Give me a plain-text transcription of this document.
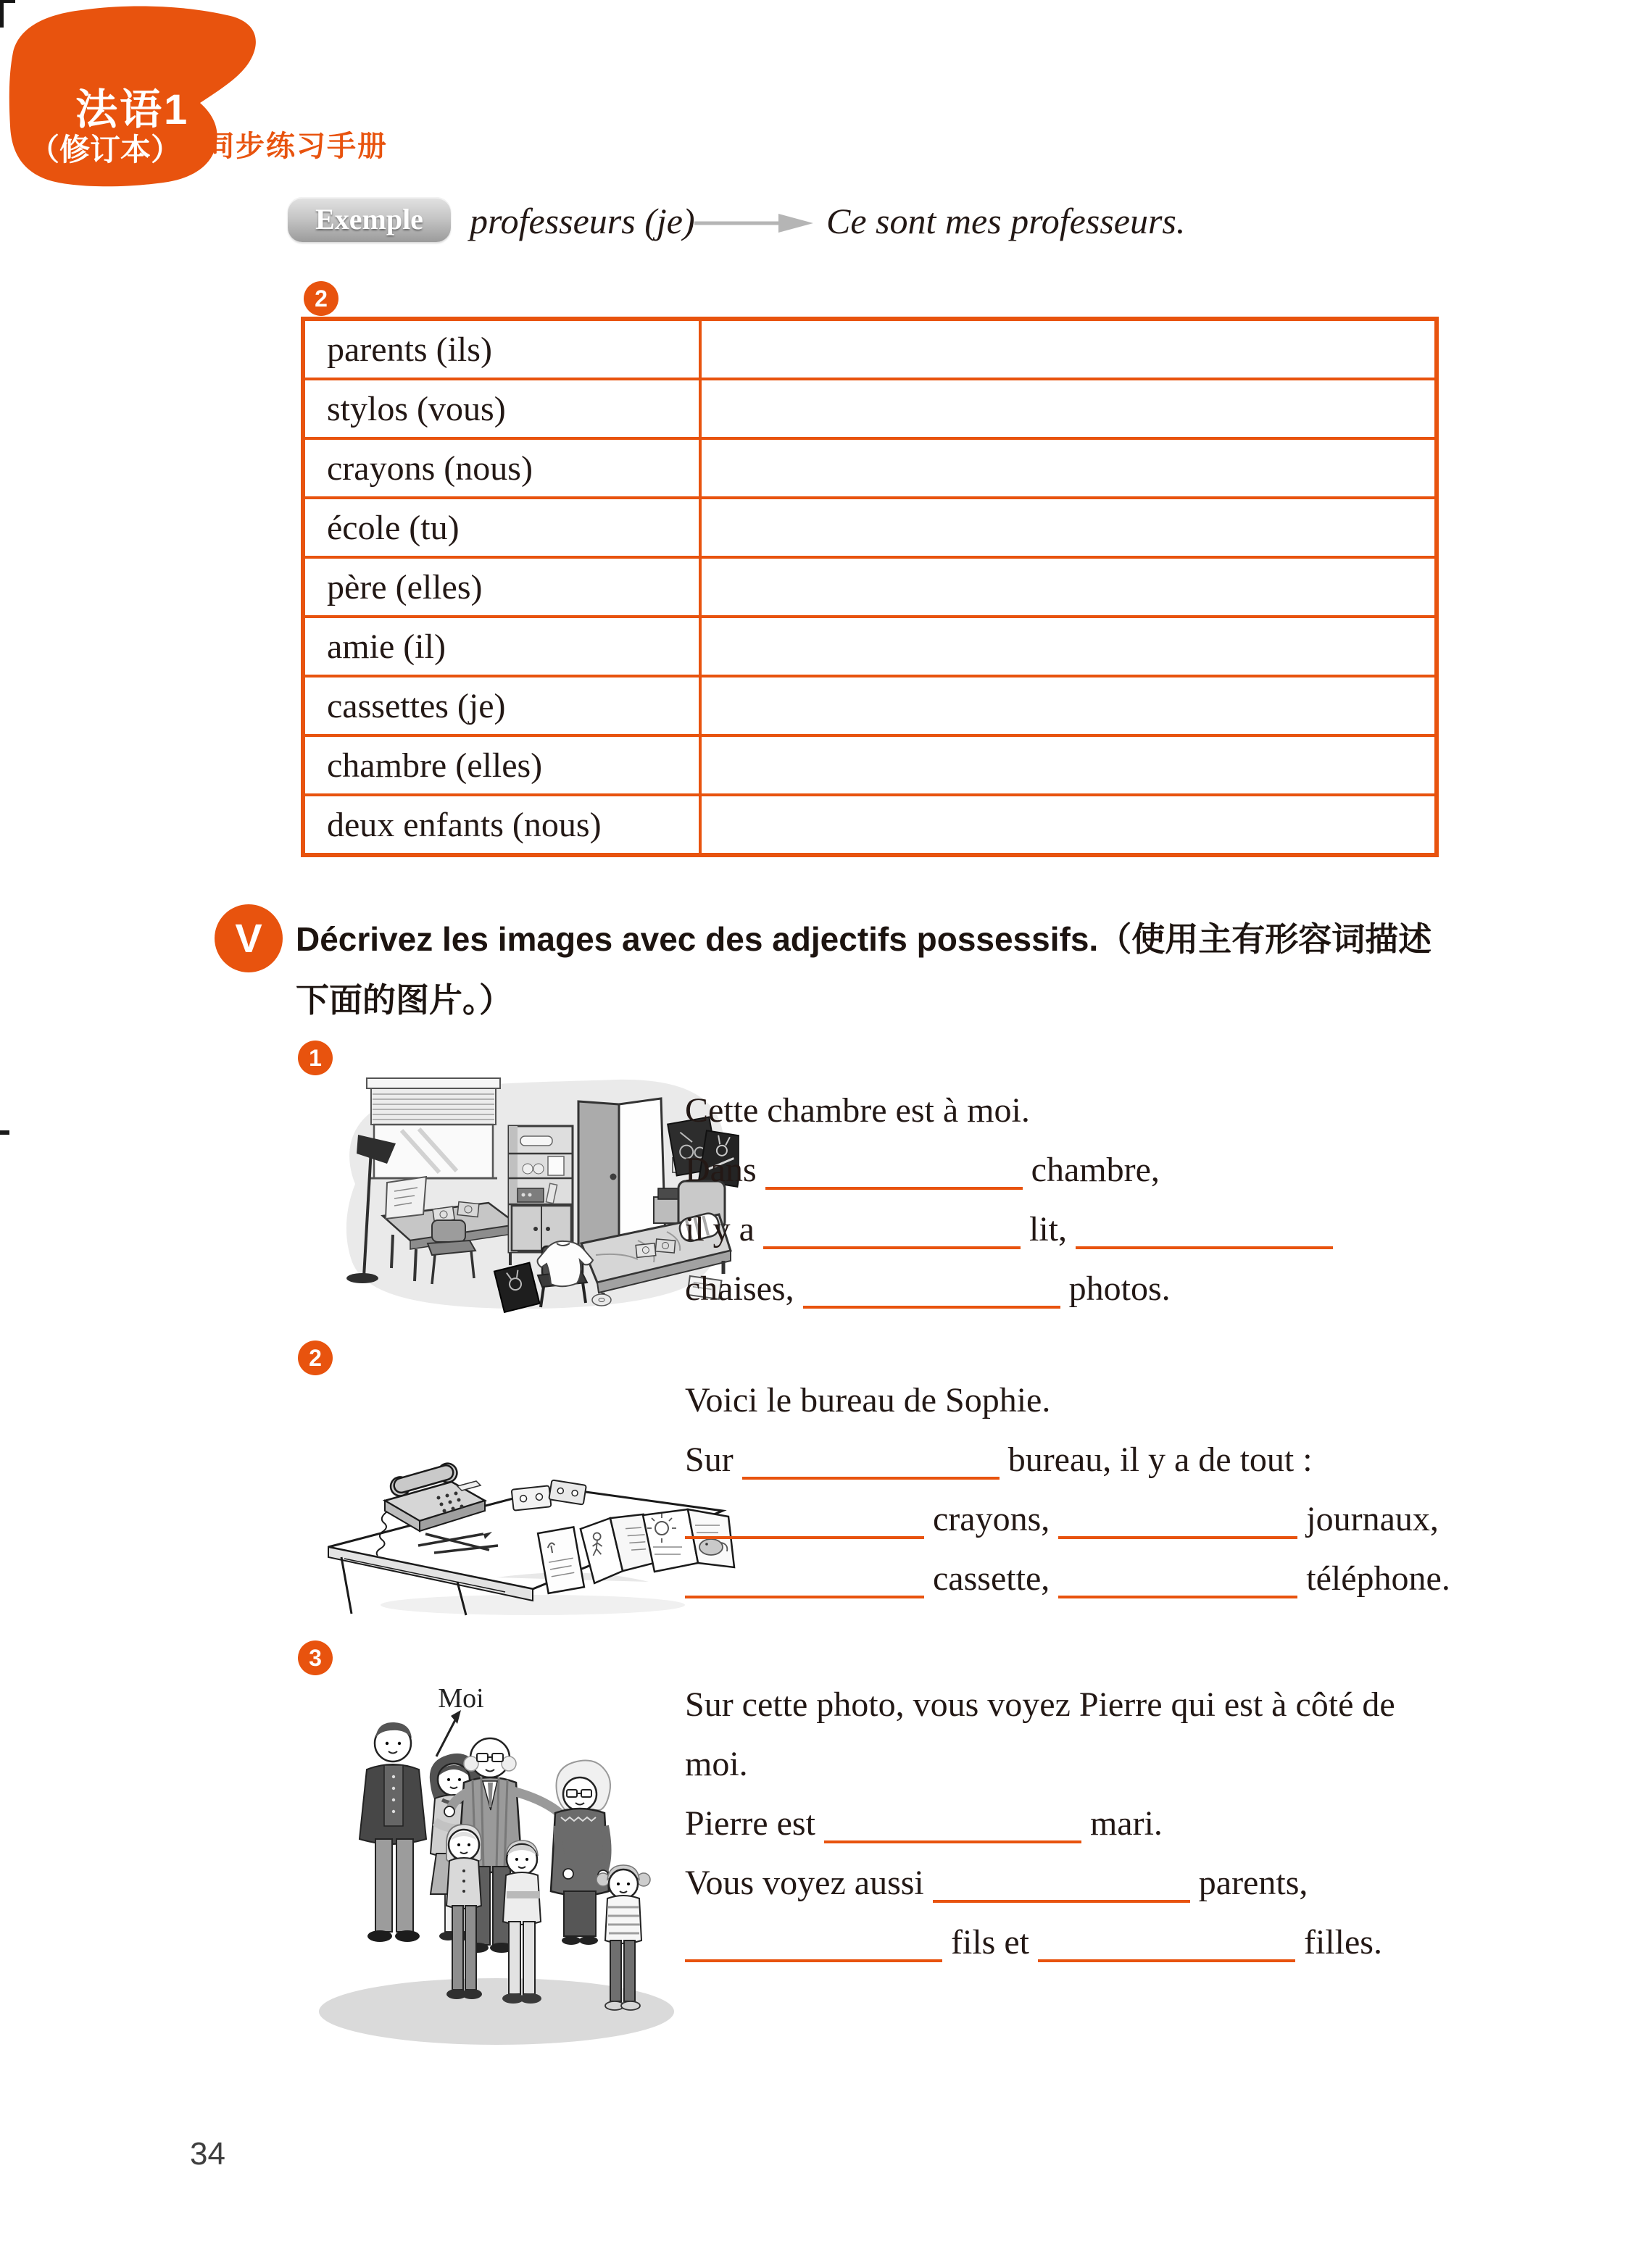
法语1
（修订本） 同步练习手册
Exemple	professeurs (je)	Ce sont mes professeurs.
2
parents (ils)	
stylos (vous)	
crayons (nous)	
école (tu)	
père (elles)	
amie (il)	
cassettes (je)	
chambre (elles)	
deux enfants (nous)	
V	Décrivez les images avec des adjectifs possessifs.（使用主有形容词描述
下面的图片。）
1
Cette chambre est à moi.
Dans	chambre,
il y a	lit,
chaises,	photos.
2
Voici le bureau de Sophie.
Sur	bureau, il y a de tout :
crayons,	journaux,
cassette,	téléphone.
3
Moi	Sur cette photo, vous voyez Pierre qui est à côté de
moi.
Pierre est	mari.
Vous voyez aussi	parents,
fils et	filles.
34
